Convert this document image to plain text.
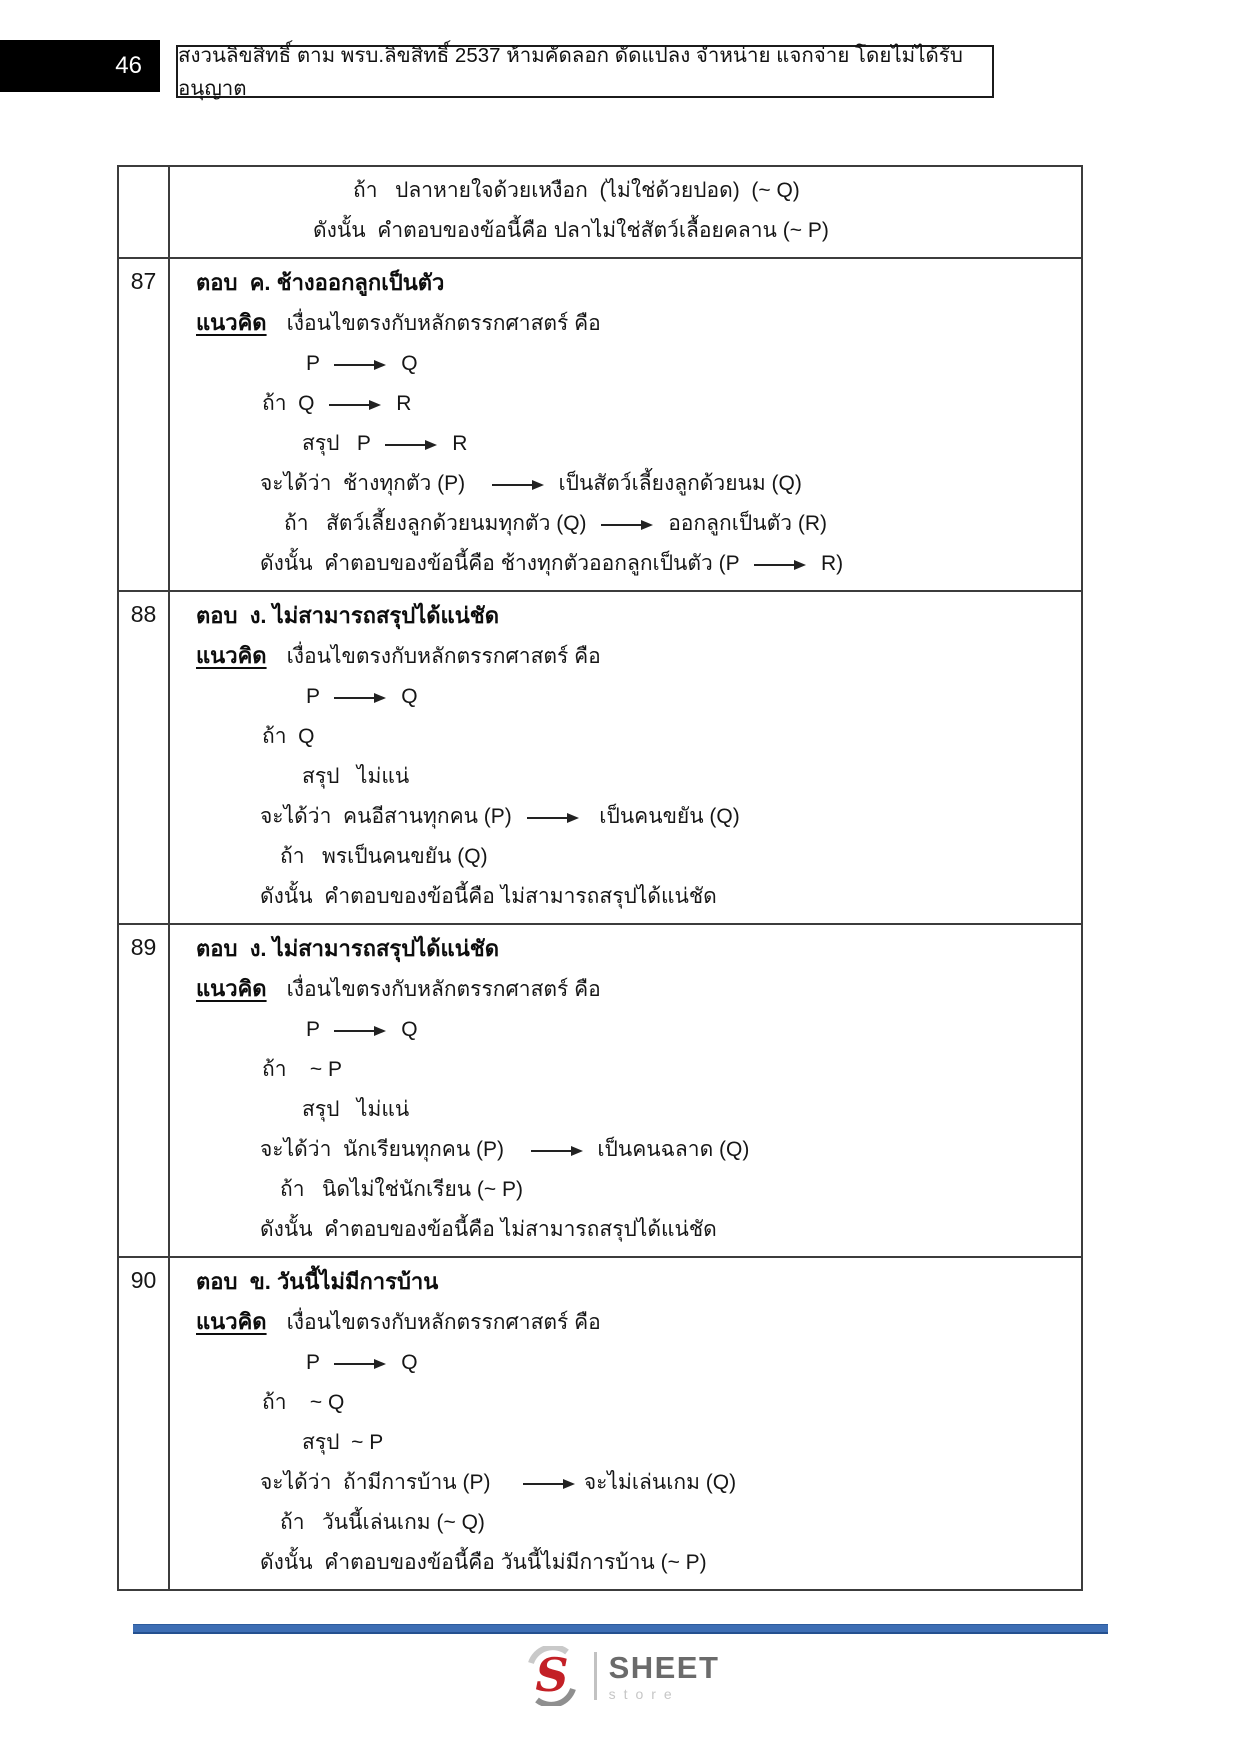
46 สงวนลิขสิทธิ์ ตาม พรบ.ลิขสิทธิ์ 2537 ห้ามคัดลอก ดัดแปลง จำหน่าย แจกจ่าย โดยไม่ได้รับอนุญาต
ถ้า   ปลาหายใจด้วยเหงือก  (ไม่ใช่ด้วยปอด)  (~ Q)
ดังนั้น  คำตอบของข้อนี้คือ ปลาไม่ใช่สัตว์เลื้อยคลาน (~ P)
87	ตอบ  ค. ช้างออกลูกเป็นตัว
แนวคิด เงื่อนไขตรงกับหลักตรรกศาสตร์ คือ
P	Q
ถ้า  Q	R
สรุป   P	R
จะได้ว่า  ช้างทุกตัว (P)	เป็นสัตว์เลี้ยงลูกด้วยนม (Q)
ถ้า   สัตว์เลี้ยงลูกด้วยนมทุกตัว (Q)	ออกลูกเป็นตัว (R)
ดังนั้น  คำตอบของข้อนี้คือ ช้างทุกตัวออกลูกเป็นตัว (P	R)
88	ตอบ  ง. ไม่สามารถสรุปได้แน่ชัด
แนวคิด เงื่อนไขตรงกับหลักตรรกศาสตร์ คือ
P	Q
ถ้า  Q
สรุป   ไม่แน่
จะได้ว่า  คนอีสานทุกคน (P)	เป็นคนขยัน (Q)
ถ้า   พรเป็นคนขยัน (Q)
ดังนั้น  คำตอบของข้อนี้คือ ไม่สามารถสรุปได้แน่ชัด
89	ตอบ  ง. ไม่สามารถสรุปได้แน่ชัด
แนวคิด เงื่อนไขตรงกับหลักตรรกศาสตร์ คือ
P	Q
ถ้า    ~ P
สรุป   ไม่แน่
จะได้ว่า  นักเรียนทุกคน (P)	เป็นคนฉลาด (Q)
ถ้า   นิดไม่ใช่นักเรียน (~ P)
ดังนั้น  คำตอบของข้อนี้คือ ไม่สามารถสรุปได้แน่ชัด
90	ตอบ  ข. วันนี้ไม่มีการบ้าน
แนวคิด เงื่อนไขตรงกับหลักตรรกศาสตร์ คือ
P	Q
ถ้า    ~ Q
สรุป  ~ P
จะได้ว่า  ถ้ามีการบ้าน (P)	จะไม่เล่นเกม (Q)
ถ้า   วันนี้เล่นเกม (~ Q)
ดังนั้น  คำตอบของข้อนี้คือ วันนี้ไม่มีการบ้าน (~ P)
S SHEET
store
